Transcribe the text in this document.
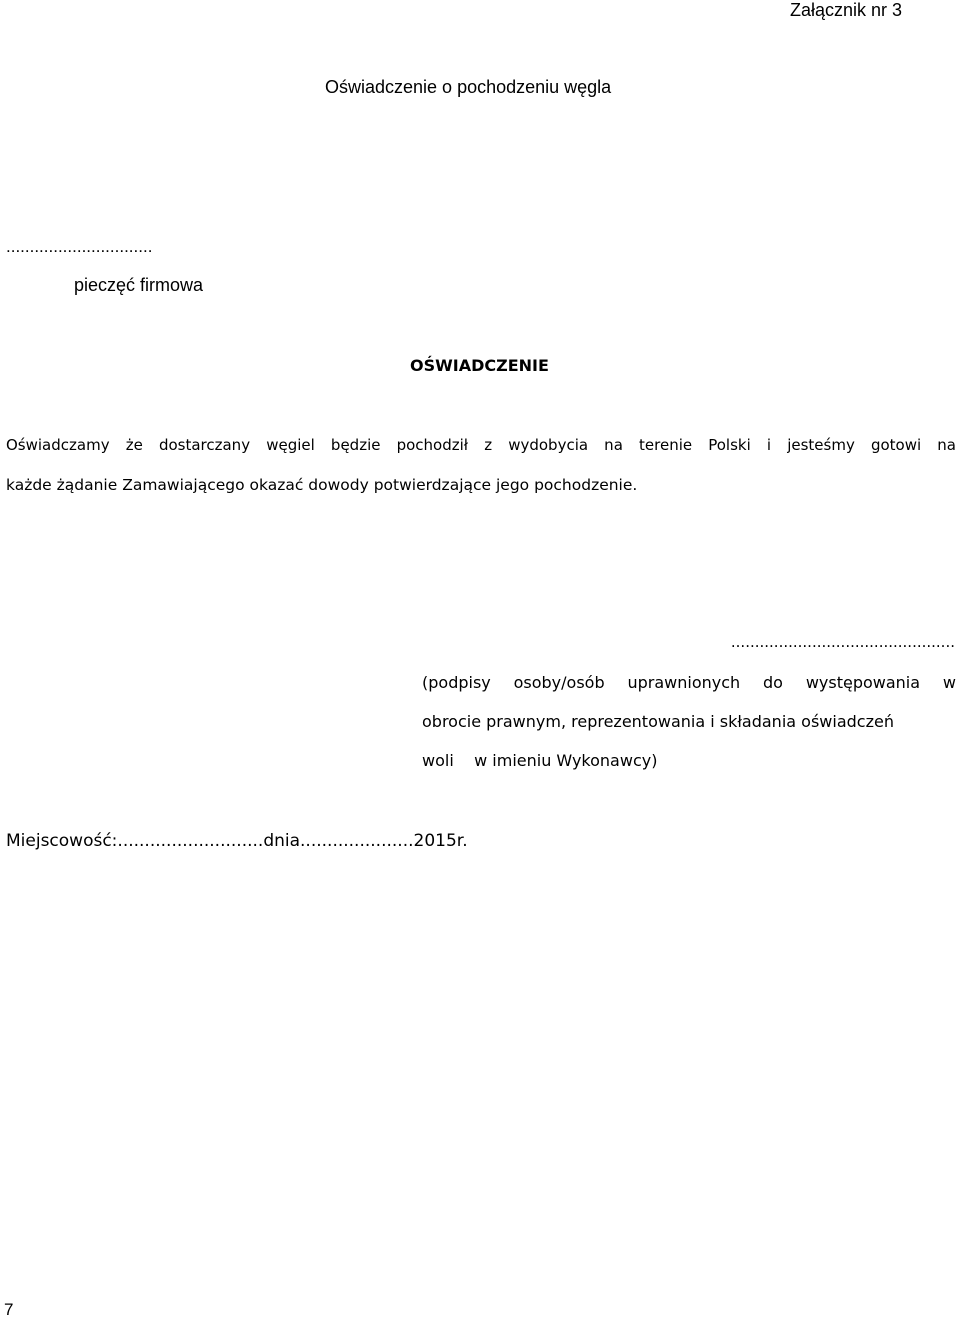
Załącznik nr 3
Oświadczenie o pochodzeniu węgla
...............................
pieczęć firmowa
OŚWIADCZENIE
Oświadczamy że dostarczany węgiel będzie pochodził z wydobycia na terenie Polski i jesteśmy gotowi na
każde żądanie Zamawiającego okazać dowody potwierdzające jego pochodzenie.
...............................................
(podpisy osoby/osób uprawnionych do występowania w
obrocie prawnym, reprezentowania i składania oświadczeń
woli    w imieniu Wykonawcy)
Miejscowość:...........................dnia.....................2015r.
7
